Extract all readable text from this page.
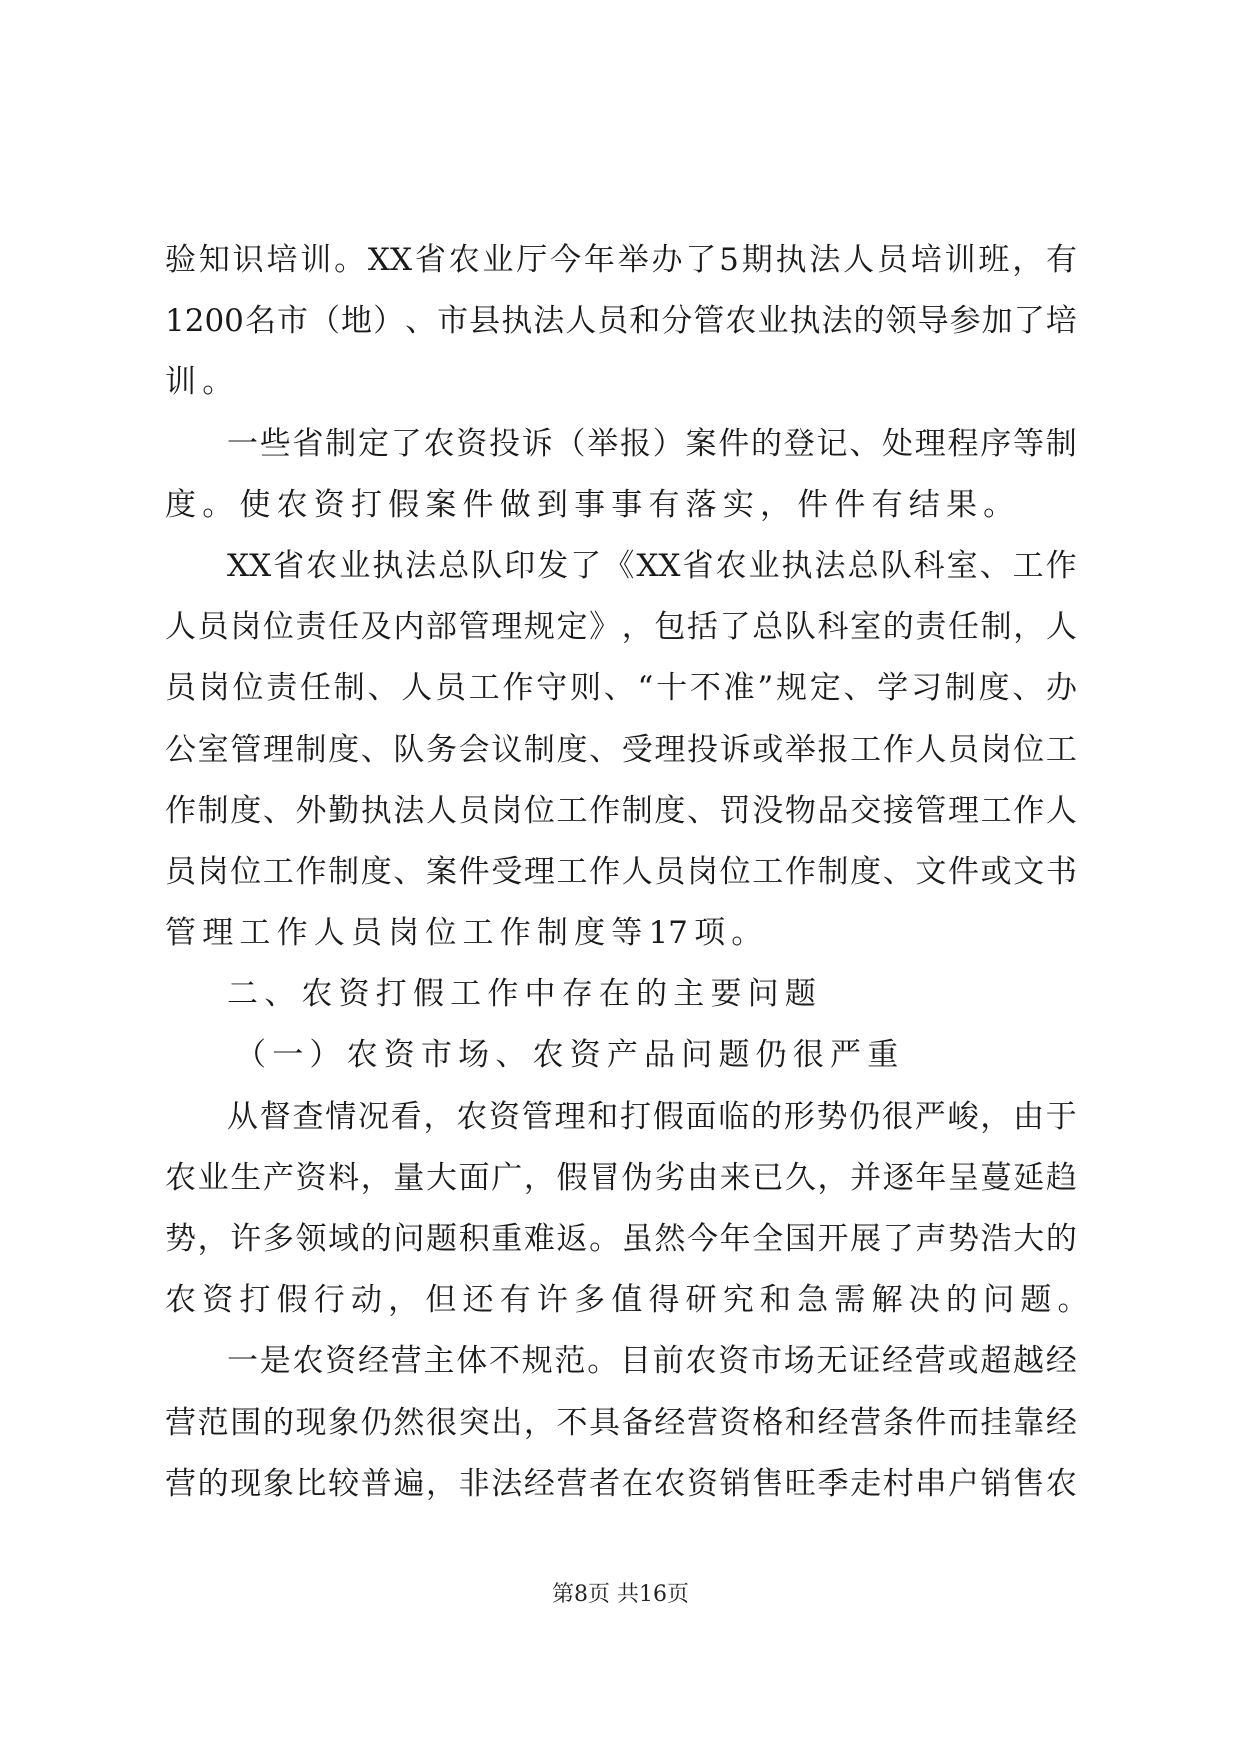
验 知 识 培 训 。 XX 省 农 业 厅 今 年 举 办 了 5 期 执 法 人 员 培 训 班 ， 有
1200 名 市 （ 地 ） 、 市 县 执 法 人 员 和 分 管 农 业 执 法 的 领 导 参 加 了 培
训 。
一 些 省 制 定 了 农 资 投 诉 （ 举 报 ） 案 件 的 登 记 、 处 理 程 序 等 制
度 。 使 农 资 打 假 案 件 做 到 事 事 有 落 实 ， 件 件 有 结 果 。
XX 省 农 业 执 法 总 队 印 发 了 《 XX 省 农 业 执 法 总 队 科 室 、 工 作
人 员 岗 位 责 任 及 内 部 管 理 规 定 》 ， 包 括 了 总 队 科 室 的 责 任 制 ， 人
员 岗 位 责 任 制 、 人 员 工 作 守 则 、 “ 十 不 准 ” 规 定 、 学 习 制 度 、 办
公 室 管 理 制 度 、 队 务 会 议 制 度 、 受 理 投 诉 或 举 报 工 作 人 员 岗 位 工
作 制 度 、 外 勤 执 法 人 员 岗 位 工 作 制 度 、 罚 没 物 品 交 接 管 理 工 作 人
员 岗 位 工 作 制 度 、 案 件 受 理 工 作 人 员 岗 位 工 作 制 度 、 文 件 或 文 书
管 理 工 作 人 员 岗 位 工 作 制 度 等 17 项 。
二 、 农 资 打 假 工 作 中 存 在 的 主 要 问 题
（ 一 ） 农 资 市 场 、 农 资 产 品 问 题 仍 很 严 重
从 督 查 情 况 看 ， 农 资 管 理 和 打 假 面 临 的 形 势 仍 很 严 峻 ， 由 于
农 业 生 产 资 料 ， 量 大 面 广 ， 假 冒 伪 劣 由 来 已 久 ， 并 逐 年 呈 蔓 延 趋
势 ， 许 多 领 域 的 问 题 积 重 难 返 。 虽 然 今 年 全 国 开 展 了 声 势 浩 大 的
农 资 打 假 行 动 ， 但 还 有 许 多 值 得 研 究 和 急 需 解 决 的 问 题 。
一 是 农 资 经 营 主 体 不 规 范 。 目 前 农 资 市 场 无 证 经 营 或 超 越 经
营 范 围 的 现 象 仍 然 很 突 出 ， 不 具 备 经 营 资 格 和 经 营 条 件 而 挂 靠 经
营 的 现 象 比 较 普 遍 ， 非 法 经 营 者 在 农 资 销 售 旺 季 走 村 串 户 销 售 农
第8页 共16页
